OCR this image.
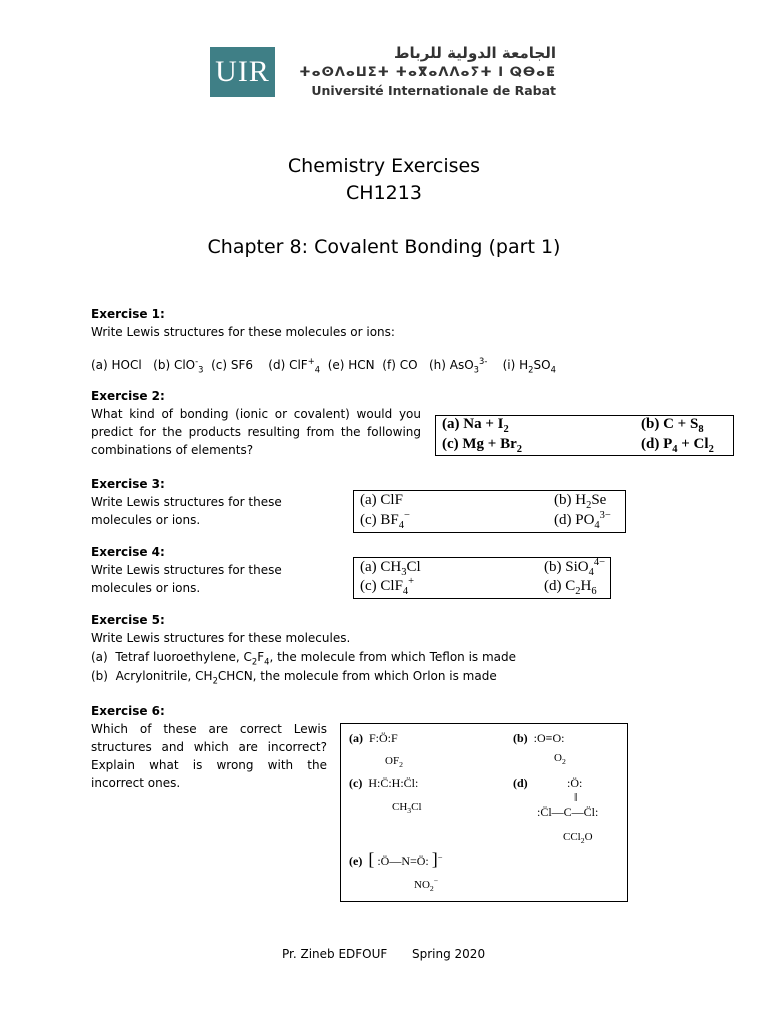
UIR
الجامعة الدولية للرباط
ⵜⴰⵙⴷⴰⵡⵉⵜ ⵜⴰⴳⴰⴷⴷⴰⵢⵜ ⵏ ⵕⴱⴰⵟ
Université Internationale de Rabat
Chemistry Exercises
CH1213
Chapter 8: Covalent Bonding (part 1)
Exercise 1:
Write Lewis structures for these molecules or ions:
(a) HOCl   (b) ClO-$_3$  (c) SF6    (d) ClF+$_4$  (e) HCN  (f) CO   (h) AsO$_3^{3-}$    (i) $H_2SO_4$
Exercise 2:
What kind of bonding (ionic or covalent) would you predict for the products resulting from the following combinations of elements?
(a) $Na + I_2$	(b) $C + S_8$
(c) $Mg + Br_2$	(d) $P_4 + Cl_2$
Exercise 3:
Write Lewis structures for these molecules or ions.
(a) ClF	(b) $H_2Se$
(c) $BF_4^-$	(d) $PO_4^{3-}$
Exercise 4:
Write Lewis structures for these molecules or ions.
(a) $CH_3Cl$	(b) SiO$_4^{4-}$
(c) ClF$_4$+	(d) $C_2H_6$
Exercise 5:
Write Lewis structures for these molecules.
(a)  Tetraf luoroethylene, $C_2F_4$, the molecule from which Teflon is made
(b)  Acrylonitrile, $CH_2CHCN$, the molecule from which Orlon is made
Exercise 6:
Which of these are correct Lewis structures and which are incorrect? Explain what is wrong with the incorrect ones.
(a)  F:Ö:F
$OF_2$
(b)  :O≡O:
$O_2$
(c)  H:C̈:H:C̈l:
$CH_3Cl$
(d)	:Ö:
‖
:C̈l—C—C̈l:
CCl$_2$O
(e) [ :Ö—N=Ö: ]−
$NO_2^-$
Pr. Zineb EDFOUF Spring 2020
